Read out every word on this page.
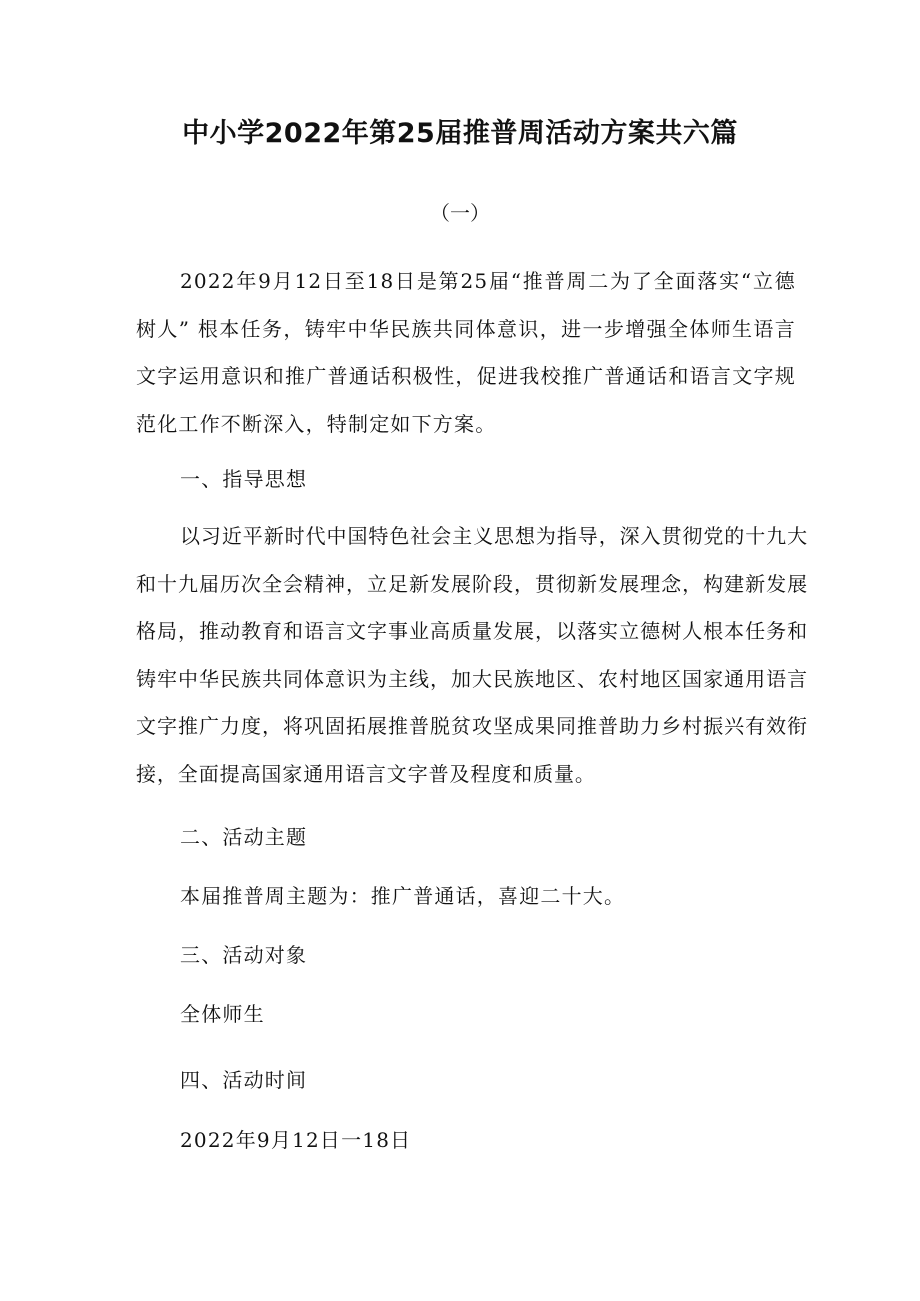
中小学2022年第25届推普周活动方案共六篇

（一）

2022年9月12日至18日是第25届“推普周二为了全面落实“立德树人” 根本任务，铸牢中华民族共同体意识，进一步增强全体师生语言文字运用意识和推广普通话积极性，促进我校推广普通话和语言文字规范化工作不断深入，特制定如下方案。

一、指导思想

以习近平新时代中国特色社会主义思想为指导，深入贯彻党的十九大和十九届历次全会精神，立足新发展阶段，贯彻新发展理念，构建新发展格局，推动教育和语言文字事业高质量发展，以落实立德树人根本任务和铸牢中华民族共同体意识为主线，加大民族地区、农村地区国家通用语言文字推广力度，将巩固拓展推普脱贫攻坚成果同推普助力乡村振兴有效衔接，全面提高国家通用语言文字普及程度和质量。

二、活动主题

本届推普周主题为：推广普通话，喜迎二十大。

三、活动对象

全体师生

四、活动时间

2022年9月12日一18日
